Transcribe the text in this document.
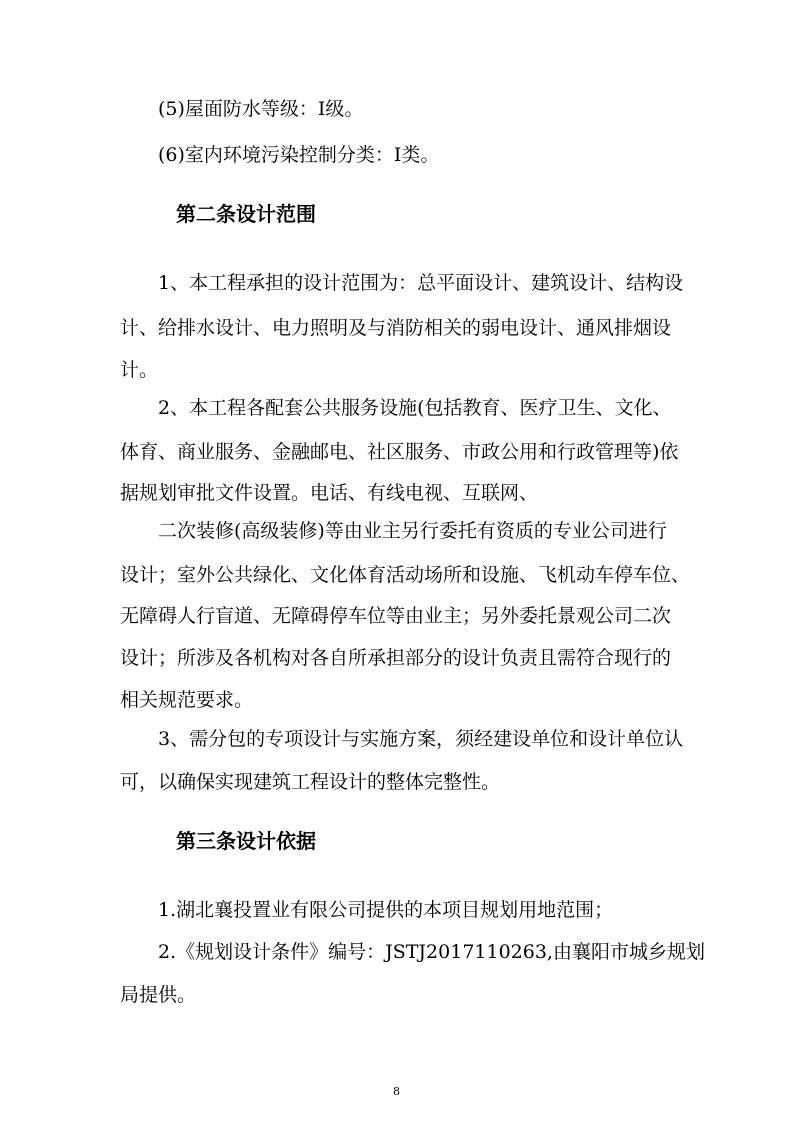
(5)屋面防水等级：I级。
(6)室内环境污染控制分类：I类。
第二条设计范围
1、本工程承担的设计范围为：总平面设计、建筑设计、结构设
计、给排水设计、电力照明及与消防相关的弱电设计、通风排烟设
计。
2、本工程各配套公共服务设施(包括教育、医疗卫生、文化、
体育、商业服务、金融邮电、社区服务、市政公用和行政管理等)依
据规划审批文件设置。电话、有线电视、互联网、
二次装修(高级装修)等由业主另行委托有资质的专业公司进行
设计；室外公共绿化、文化体育活动场所和设施、飞机动车停车位、
无障碍人行盲道、无障碍停车位等由业主；另外委托景观公司二次
设计；所涉及各机构对各自所承担部分的设计负责且需符合现行的
相关规范要求。
3、需分包的专项设计与实施方案，须经建设单位和设计单位认
可，以确保实现建筑工程设计的整体完整性。
第三条设计依据
1.湖北襄投置业有限公司提供的本项目规划用地范围；
2.《规划设计条件》编号：JSTJ2017110263,由襄阳市城乡规划
局提供。
8
